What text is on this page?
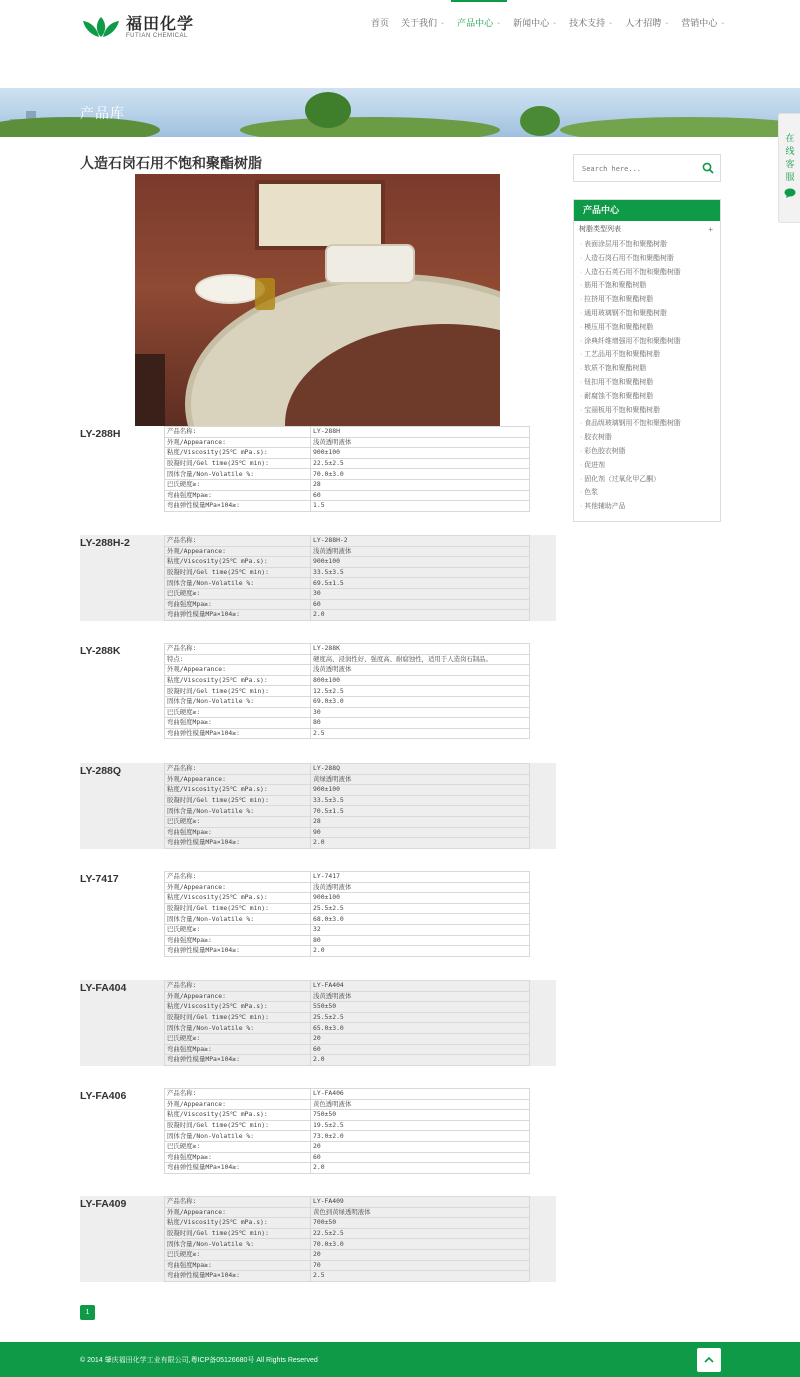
福田化学
FUTIAN CHEMICAL
首页 关于我们 ⌄ 产品中心 ⌄ 新闻中心 ⌄ 技术支持 ⌄ 人才招聘 ⌄ 营销中心 ⌄
产品库
在线客服
人造石岗石用不饱和聚酯树脂
LY-288H	产品名称:	LY-288H
外观/Appearance:	浅黄透明液体
粘度/Viscosity(25℃ mPa.s):	900±100
胶凝时间/Gel time(25℃ min):	22.5±2.5
固体含量/Non-Volatile %:	70.0±3.0
巴氏硬度≥:	28
弯曲强度Mpa≥:	60
弯曲弹性模量MPa×104≥:	1.5
LY-288H-2	产品名称:	LY-288H-2
外观/Appearance:	浅黄透明液体
粘度/Viscosity(25℃ mPa.s):	900±100
胶凝时间/Gel time(25℃ min):	33.5±3.5
固体含量/Non-Volatile %:	69.5±1.5
巴氏硬度≥:	30
弯曲强度Mpa≥:	60
弯曲弹性模量MPa×104≥:	2.0
LY-288K	产品名称:	LY-288K
特点:	硬度高、浸润性好、强度高、耐腐蚀性，适用于人造岗石制品。
外观/Appearance:	浅黄透明液体
粘度/Viscosity(25℃ mPa.s):	800±100
胶凝时间/Gel time(25℃ min):	12.5±2.5
固体含量/Non-Volatile %:	69.0±3.0
巴氏硬度≥:	30
弯曲强度Mpa≥:	80
弯曲弹性模量MPa×104≥:	2.5
LY-288Q	产品名称:	LY-288Q
外观/Appearance:	黄绿透明液体
粘度/Viscosity(25℃ mPa.s):	900±100
胶凝时间/Gel time(25℃ min):	33.5±3.5
固体含量/Non-Volatile %:	70.5±1.5
巴氏硬度≥:	28
弯曲强度Mpa≥:	90
弯曲弹性模量MPa×104≥:	2.0
LY-7417	产品名称:	LY-7417
外观/Appearance:	浅黄透明液体
粘度/Viscosity(25℃ mPa.s):	900±100
胶凝时间/Gel time(25℃ min):	25.5±2.5
固体含量/Non-Volatile %:	68.0±3.0
巴氏硬度≥:	32
弯曲强度Mpa≥:	80
弯曲弹性模量MPa×104≥:	2.0
LY-FA404	产品名称:	LY-FA404
外观/Appearance:	浅黄透明液体
粘度/Viscosity(25℃ mPa.s):	550±50
胶凝时间/Gel time(25℃ min):	25.5±2.5
固体含量/Non-Volatile %:	65.0±3.0
巴氏硬度≥:	20
弯曲强度Mpa≥:	60
弯曲弹性模量MPa×104≥:	2.0
LY-FA406	产品名称:	LY-FA406
外观/Appearance:	黄色透明液体
粘度/Viscosity(25℃ mPa.s):	750±50
胶凝时间/Gel time(25℃ min):	19.5±2.5
固体含量/Non-Volatile %:	73.0±2.0
巴氏硬度≥:	20
弯曲强度Mpa≥:	60
弯曲弹性模量MPa×104≥:	2.0
LY-FA409	产品名称:	LY-FA409
外观/Appearance:	黄色到黄绿透明液体
粘度/Viscosity(25℃ mPa.s):	700±50
胶凝时间/Gel time(25℃ min):	22.5±2.5
固体含量/Non-Volatile %:	70.0±3.0
巴氏硬度≥:	20
弯曲强度Mpa≥:	70
弯曲弹性模量MPa×104≥:	2.5
Search here...
产品中心
树脂类型列表	+
· 表面涂层用不饱和聚酯树脂
· 人造石岗石用不饱和聚酯树脂
· 人造石石英石用不饱和聚酯树脂
· 筋用不饱和聚酯树脂
· 拉挤用不饱和聚酯树脂
· 通用玻璃钢不饱和聚酯树脂
· 模压用不饱和聚酯树脂
· 涂典纤维增强用不饱和聚酯树脂
· 工艺品用不饱和聚酯树脂
· 软质不饱和聚酯树脂
· 钮扣用不饱和聚酯树脂
· 耐腐蚀不饱和聚酯树脂
· 宝丽板用不饱和聚酯树脂
· 食品级玻璃钢用不饱和聚酯树脂
· 胶衣树脂
· 彩色胶衣树脂
· 促进剂
· 固化剂（过氧化甲乙酮）
· 色浆
· 其他辅助产品
1
© 2014 肇庆福田化学工业有限公司,粤ICP备05126680号 All Rights Reserved
